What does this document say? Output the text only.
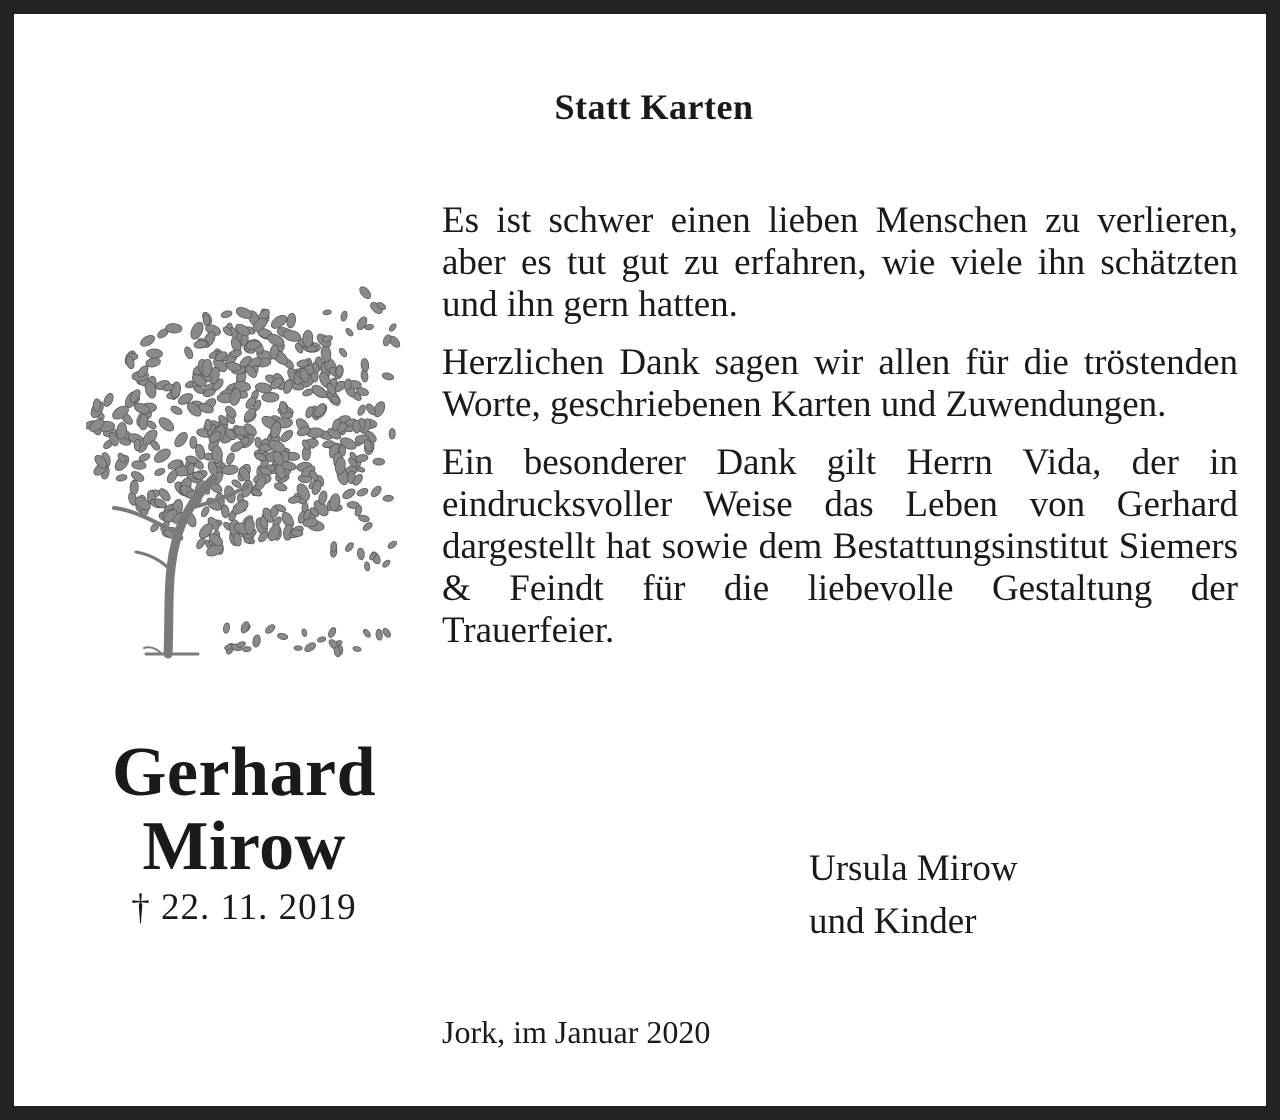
Statt Karten
Gerhard
Mirow
† 22. 11. 2019

Es ist schwer einen lieben Menschen zu verlieren, aber es tut gut zu erfahren, wie viele ihn schätzten und ihn gern hatten.

Herzlichen Dank sagen wir allen für die tröstenden Worte, geschriebenen Karten und Zuwendungen.

Ein besonderer Dank gilt Herrn Vida, der in eindrucksvoller Weise das Leben von Gerhard dargestellt hat sowie dem Bestattungsinstitut Siemers & Feindt für die liebevolle Gestaltung der Trauerfeier.

Ursula Mirow
und Kinder
Jork, im Januar 2020
